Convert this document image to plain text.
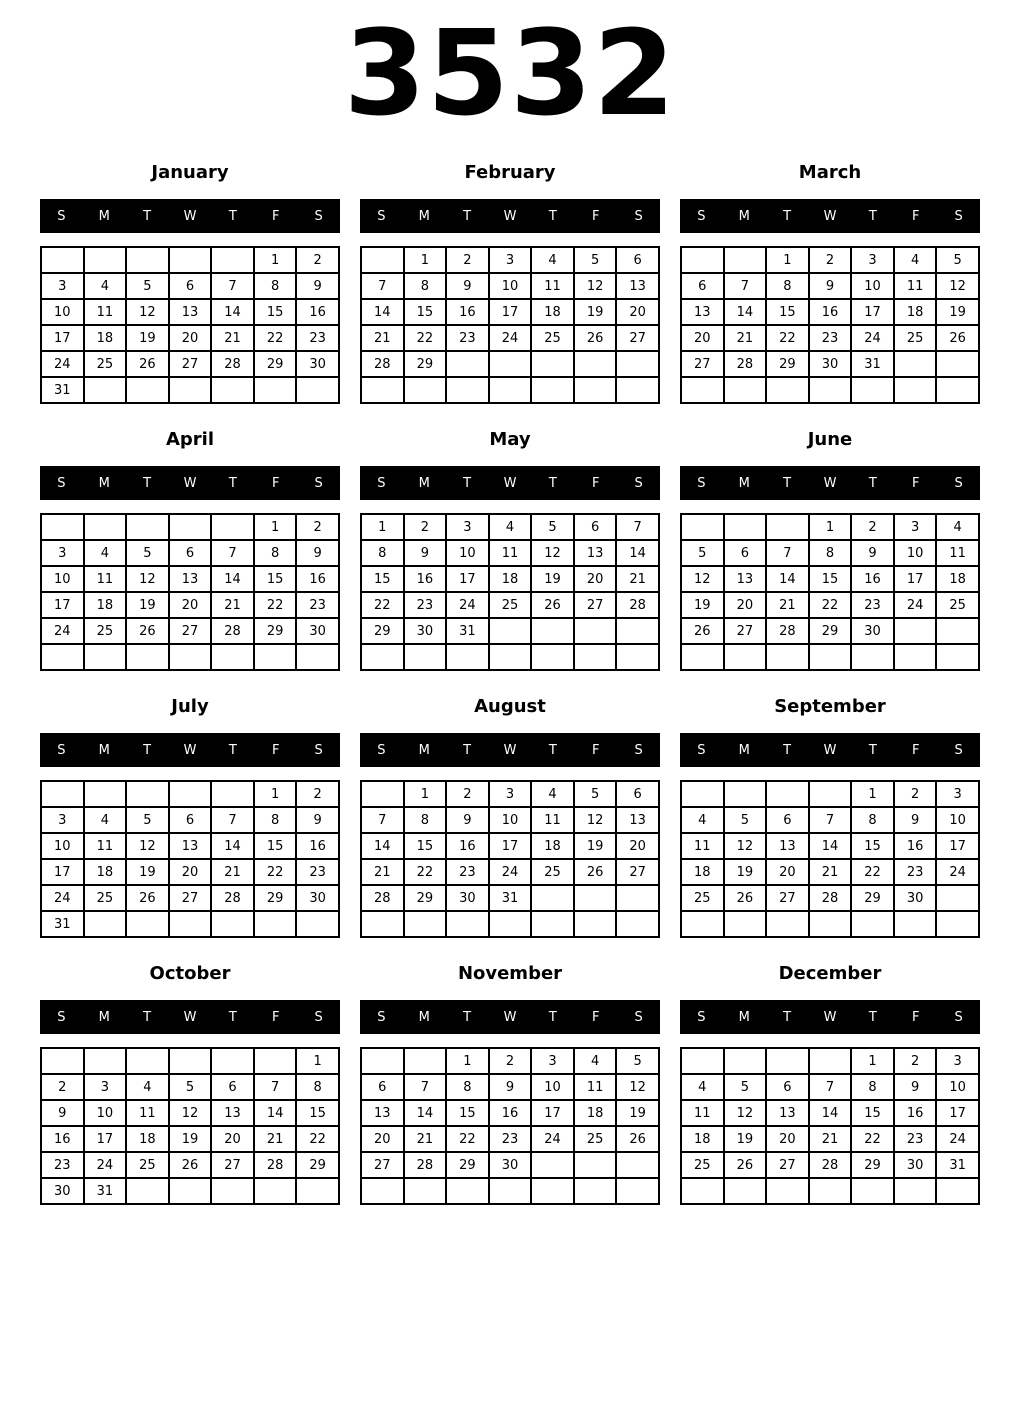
3532
January
S	M	T	W	T	F	S
					1	2
3	4	5	6	7	8	9
10	11	12	13	14	15	16
17	18	19	20	21	22	23
24	25	26	27	28	29	30
31						
February
S	M	T	W	T	F	S
	1	2	3	4	5	6
7	8	9	10	11	12	13
14	15	16	17	18	19	20
21	22	23	24	25	26	27
28	29					

March
S	M	T	W	T	F	S
		1	2	3	4	5
6	7	8	9	10	11	12
13	14	15	16	17	18	19
20	21	22	23	24	25	26
27	28	29	30	31		

April
S	M	T	W	T	F	S
					1	2
3	4	5	6	7	8	9
10	11	12	13	14	15	16
17	18	19	20	21	22	23
24	25	26	27	28	29	30

May
S	M	T	W	T	F	S
1	2	3	4	5	6	7
8	9	10	11	12	13	14
15	16	17	18	19	20	21
22	23	24	25	26	27	28
29	30	31				

June
S	M	T	W	T	F	S
			1	2	3	4
5	6	7	8	9	10	11
12	13	14	15	16	17	18
19	20	21	22	23	24	25
26	27	28	29	30		

July
S	M	T	W	T	F	S
					1	2
3	4	5	6	7	8	9
10	11	12	13	14	15	16
17	18	19	20	21	22	23
24	25	26	27	28	29	30
31						
August
S	M	T	W	T	F	S
	1	2	3	4	5	6
7	8	9	10	11	12	13
14	15	16	17	18	19	20
21	22	23	24	25	26	27
28	29	30	31			

September
S	M	T	W	T	F	S
				1	2	3
4	5	6	7	8	9	10
11	12	13	14	15	16	17
18	19	20	21	22	23	24
25	26	27	28	29	30	

October
S	M	T	W	T	F	S
						1
2	3	4	5	6	7	8
9	10	11	12	13	14	15
16	17	18	19	20	21	22
23	24	25	26	27	28	29
30	31					
November
S	M	T	W	T	F	S
		1	2	3	4	5
6	7	8	9	10	11	12
13	14	15	16	17	18	19
20	21	22	23	24	25	26
27	28	29	30			

December
S	M	T	W	T	F	S
				1	2	3
4	5	6	7	8	9	10
11	12	13	14	15	16	17
18	19	20	21	22	23	24
25	26	27	28	29	30	31
